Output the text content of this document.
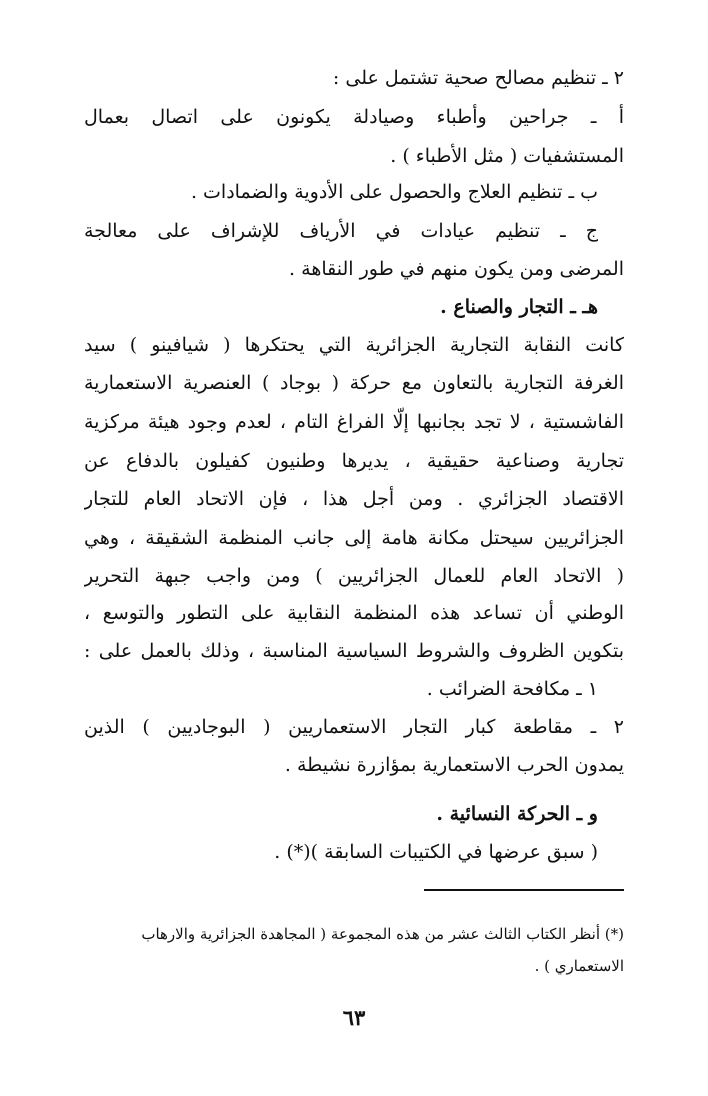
٢ ـ تنظيم مصالح صحية تشتمل على :
أ ـ جراحين وأطباء وصيادلة يكونون على اتصال بعمال
المستشفيات ( مثل الأطباء ) .
ب ـ تنظيم العلاج والحصول على الأدوية والضمادات .
ج ـ تنظيم عيادات في الأرياف للإشراف على معالجة
المرضى ومن يكون منهم في طور النقاهة .
هـ ـ التجار والصناع .
كانت النقابة التجارية الجزائرية التي يحتكرها ( شيافينو ) سيد
الغرفة التجارية بالتعاون مع حركة ( بوجاد ) العنصرية الاستعمارية
الفاشستية ، لا تجد بجانبها إلّا الفراغ التام ، لعدم وجود هيئة مركزية
تجارية وصناعية حقيقية ، يديرها وطنيون كفيلون بالدفاع عن
الاقتصاد الجزائري . ومن أجل هذا ، فإن الاتحاد العام للتجار
الجزائريين سيحتل مكانة هامة إلى جانب المنظمة الشقيقة ، وهي
( الاتحاد العام للعمال الجزائريين ) ومن واجب جبهة التحرير
الوطني أن تساعد هذه المنظمة النقابية على التطور والتوسع ،
بتكوين الظروف والشروط السياسية المناسبة ، وذلك بالعمل على :
١ ـ مكافحة الضرائب .
٢ ـ مقاطعة كبار التجار الاستعماريين ( البوجاديين ) الذين
يمدون الحرب الاستعمارية بمؤازرة نشيطة .
و ـ الحركة النسائية .
( سبق عرضها في الكتيبات السابقة )(*) .
(*) أنظر الكتاب الثالث عشر من هذه المجموعة ( المجاهدة الجزائرية والارهاب
الاستعماري ) .
٦٣
